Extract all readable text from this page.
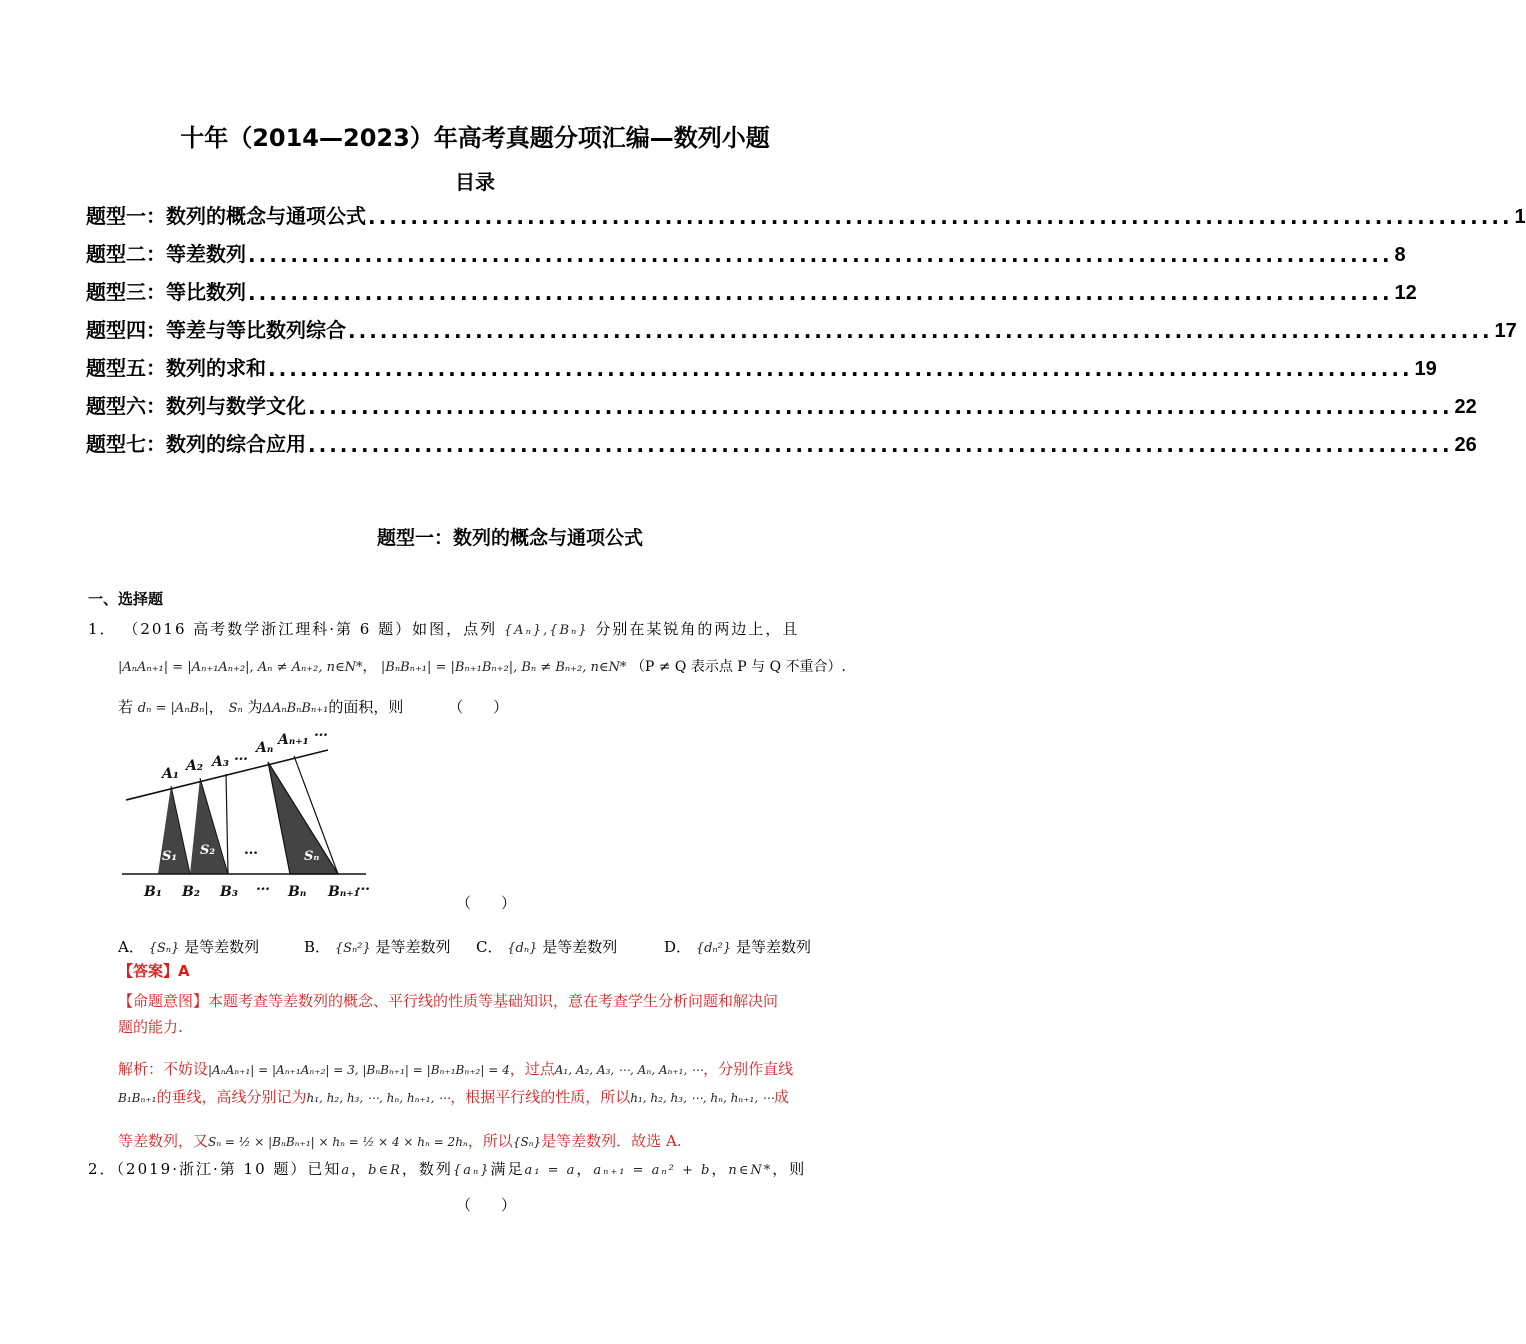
十年（2014—2023）年高考真题分项汇编—数列小题
目录
题型一：数列的概念与通项公式 ............................................................................................................ 1
题型二：等差数列 ............................................................................................................ 8
题型三：等比数列 ............................................................................................................ 12
题型四：等差与等比数列综合 ............................................................................................................ 17
题型五：数列的求和 ............................................................................................................ 19
题型六：数列与数学文化 ............................................................................................................ 22
题型七：数列的综合应用 ............................................................................................................ 26
题型一：数列的概念与通项公式
一、选择题
1． （2016 高考数学浙江理科·第 6 题）如图，点列 {Aₙ},{Bₙ} 分别在某锐角的两边上，且
|AₙAₙ₊₁| = |Aₙ₊₁Aₙ₊₂|, Aₙ ≠ Aₙ₊₂, n∈N*， |BₙBₙ₊₁| = |Bₙ₊₁Bₙ₊₂|, Bₙ ≠ Bₙ₊₂, n∈N* （P ≠ Q 表示点 P 与 Q 不重合）.
若 dₙ = |AₙBₙ|， Sₙ 为ΔAₙBₙBₙ₊₁的面积，则	（　　）
A₁ A₂ A₃ … Aₙ Aₙ₊₁ …
B₁ B₂ B₃ … Bₙ Bₙ₊₁
…
S₁ S₂	Sₙ
…
（　　）
A． {Sₙ} 是等差数列	B． {Sₙ²} 是等差数列 C． {dₙ} 是等差数列	D． {dₙ²} 是等差数列
【答案】A
【命题意图】本题考查等差数列的概念、平行线的性质等基础知识，意在考查学生分析问题和解决问
题的能力.
解析：不妨设|AₙAₙ₊₁| = |Aₙ₊₁Aₙ₊₂| = 3, |BₙBₙ₊₁| = |Bₙ₊₁Bₙ₊₂| = 4，过点A₁, A₂, A₃, ⋯, Aₙ, Aₙ₊₁, ⋯，分别作直线
B₁Bₙ₊₁的垂线，高线分别记为h₁, h₂, h₃, ⋯, hₙ, hₙ₊₁, ⋯，根据平行线的性质，所以h₁, h₂, h₃, ⋯, hₙ, hₙ₊₁, ⋯成
等差数列，又Sₙ = ½ × |BₙBₙ₊₁| × hₙ = ½ × 4 × hₙ = 2hₙ，所以{Sₙ}是等差数列．故选 A.
2．（2019·浙江·第 10 题）已知a，b∈R，数列{aₙ}满足a₁ = a，aₙ₊₁ = aₙ² + b，n∈N*，则
（　　）
